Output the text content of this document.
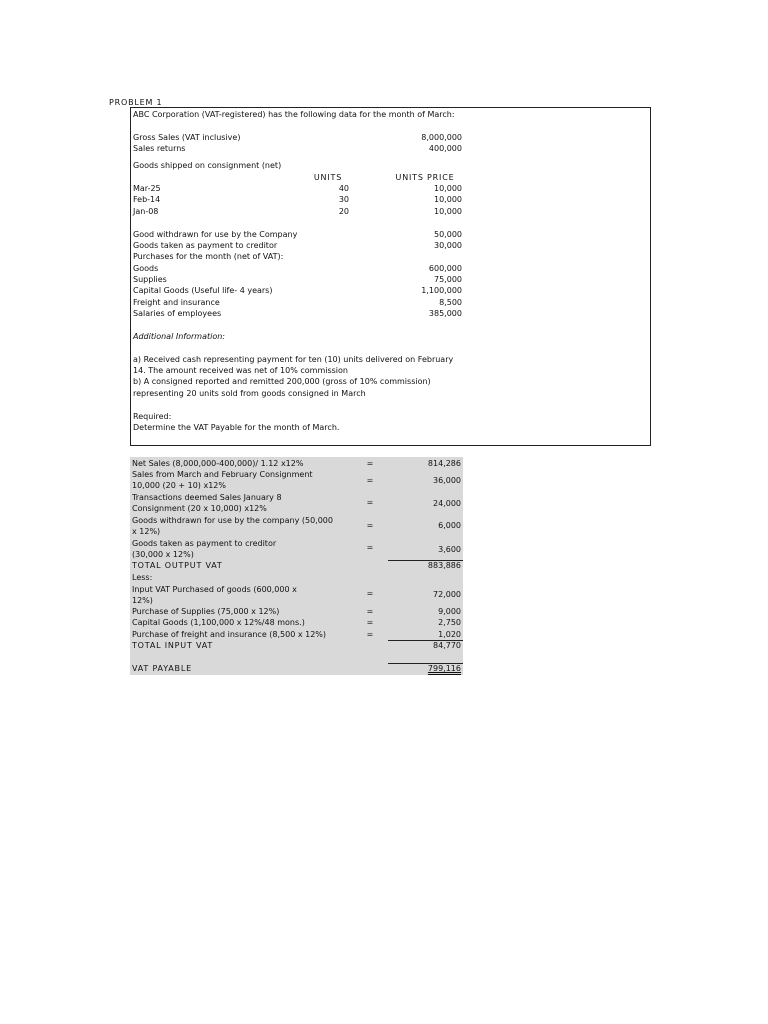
PROBLEM 1
ABC Corporation (VAT-registered) has the following data for the month of March:
Gross Sales (VAT inclusive)	8,000,000
Sales returns	400,000
Goods shipped on consignment (net)
UNITS	UNITS PRICE
Mar-25	40	10,000
Feb-14	30	10,000
Jan-08	20	10,000
Good withdrawn for use by the Company	50,000
Goods taken as payment to creditor	30,000
Purchases for the month (net of VAT):
Goods	600,000
Supplies	75,000
Capital Goods (Useful life- 4 years)	1,100,000
Freight and insurance	8,500
Salaries of employees	385,000
Additional Information:
a) Received cash representing payment for ten (10) units delivered on February
14. The amount received was net of 10% commission
b) A consigned reported and remitted 200,000 (gross of 10% commission)
representing 20 units sold from goods consigned in March
Required:
Determine the VAT Payable for the month of March.
Net Sales (8,000,000-400,000)/ 1.12 x12%	=	814,286
Sales from March and February Consignment
10,000 (20 + 10) x12%
=	36,000
Transactions deemed Sales January 8
Consignment (20 x 10,000) x12%
=	24,000
Goods withdrawn for use by the company (50,000
x 12%)
=	6,000
Goods taken as payment to creditor
(30,000 x 12%)
=	3,600
TOTAL OUTPUT VAT	883,886
Less:
Input VAT Purchased of goods (600,000 x
12%)
=	72,000
Purchase of Supplies (75,000 x 12%)	=	9,000
Capital Goods (1,100,000 x 12%/48 mons.)	=	2,750
Purchase of freight and insurance (8,500 x 12%)	=	1,020
TOTAL INPUT VAT	84,770
VAT PAYABLE	799,116
